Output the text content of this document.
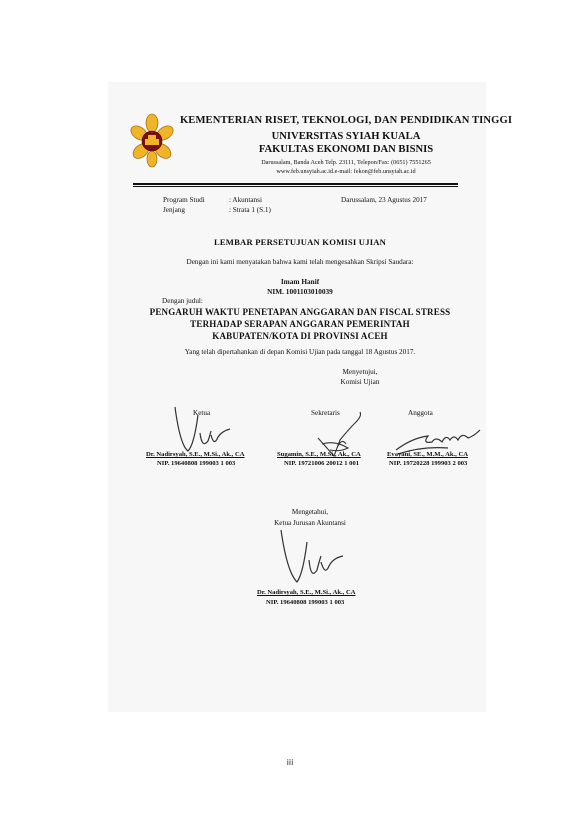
KEMENTERIAN RISET, TEKNOLOGI, DAN PENDIDIKAN TINGGI
UNIVERSITAS SYIAH KUALA
FAKULTAS EKONOMI DAN BISNIS
Darussalam, Banda Aceh Telp. 23111, Telepon/Fax: (0651) 7551265
www.feb.unsyiah.ac.id.e-mail: fekon@feb.unsyiah.ac.id
Program Studi	: Akuntansi
Jenjang	: Strata 1 (S.1)
Darussalam, 23 Agustus 2017
LEMBAR PERSETUJUAN KOMISI UJIAN
Dengan ini kami menyatakan bahwa kami telah mengesahkan Skripsi Saudara:
Imam Hanif
NIM. 1001103010039
Dengan judul:
PENGARUH WAKTU PENETAPAN ANGGARAN DAN FISCAL STRESS
TERHADAP SERAPAN ANGGARAN PEMERINTAH
KABUPATEN/KOTA DI PROVINSI ACEH
Yang telah dipertahankan di depan Komisi Ujian pada tanggal 18 Agustus 2017.
Menyetujui,
Komisi Ujian
Ketua
Dr. Nadirsyah, S.E., M.Si., Ak., CA
NIP. 19640808 199003 1 003
Sekretaris
Sugamin, S.E., M.Si., Ak., CA
NIP. 19721006 20012 1 001
Anggota
Evayani, SE., M.M., Ak., CA
NIP. 19720228 199903 2 003
Mengetahui,
Ketua Jurusan Akuntansi
Dr. Nadirsyah, S.E., M.Si., Ak., CA
NIP. 19640808 199003 1 003
iii
